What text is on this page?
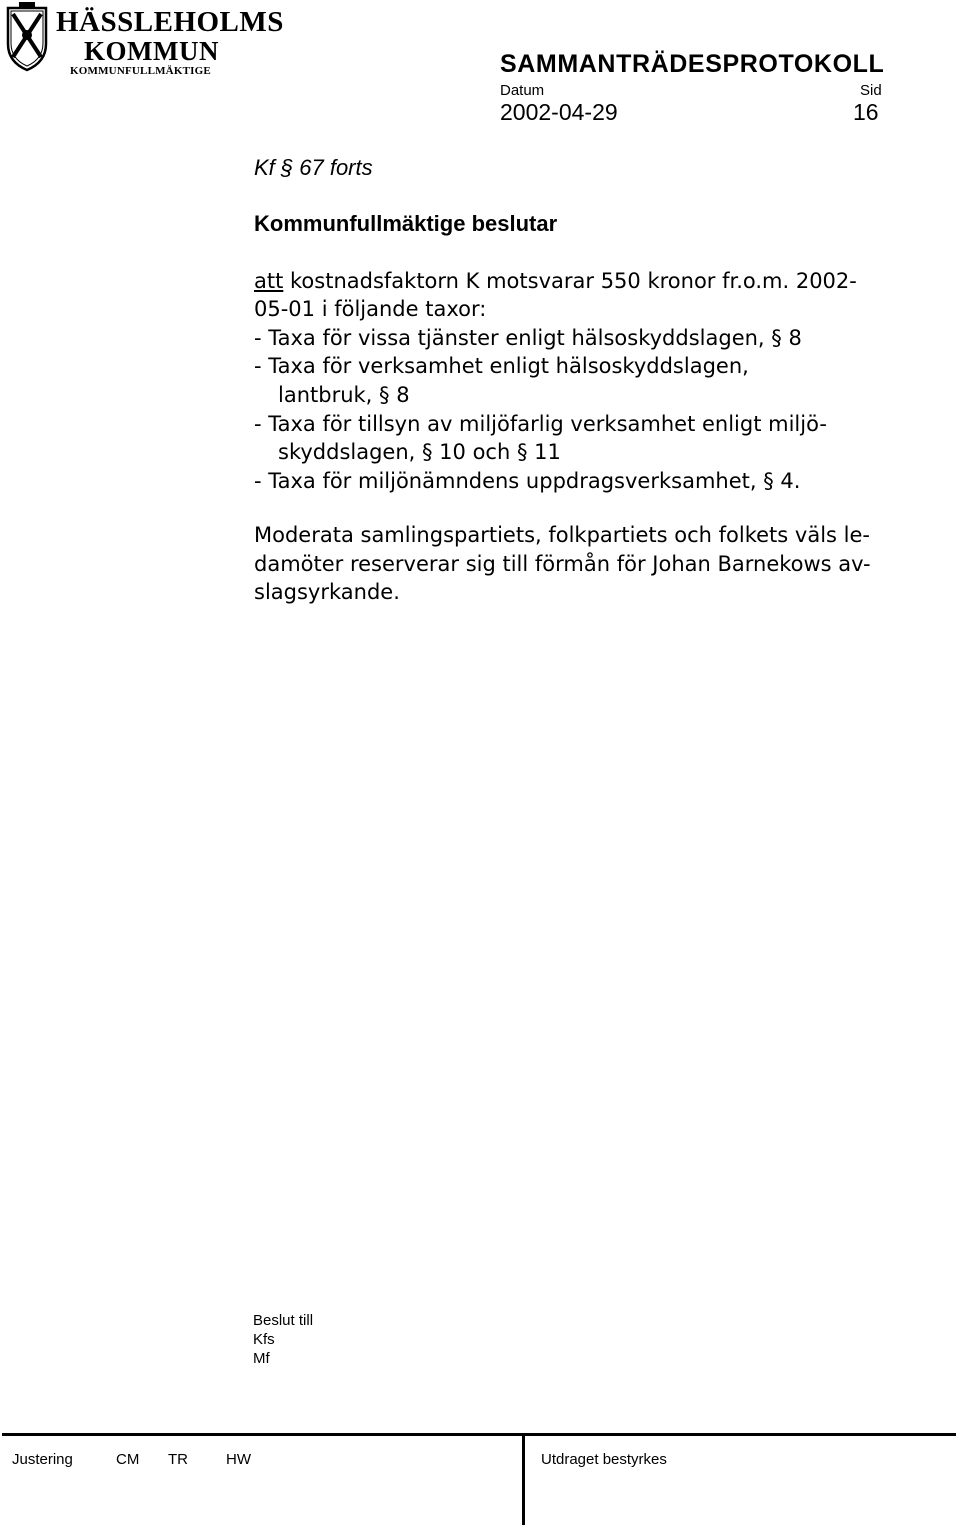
HÄSSLEHOLMS
KOMMUN
KOMMUNFULLMÄKTIGE	SAMMANTRÄDESPROTOKOLL
Datum
2002-04-29
Sid
16
Kf § 67 forts
Kommunfullmäktige beslutar
att kostnadsfaktorn K motsvarar 550 kronor fr.o.m. 2002-
05-01 i följande taxor:
- Taxa för vissa tjänster enligt hälsoskyddslagen, § 8
- Taxa för verksamhet enligt hälsoskyddslagen,
lantbruk, § 8
- Taxa för tillsyn av miljöfarlig verksamhet enligt miljö-
skyddslagen, § 10 och § 11
- Taxa för miljönämndens uppdragsverksamhet, § 4.
Moderata samlingspartiets, folkpartiets och folkets väls le-
damöter reserverar sig till förmån för Johan Barnekows av-
slagsyrkande.
Beslut till
Kfs
Mf
Justering	CM TR	HW	Utdraget bestyrkes
